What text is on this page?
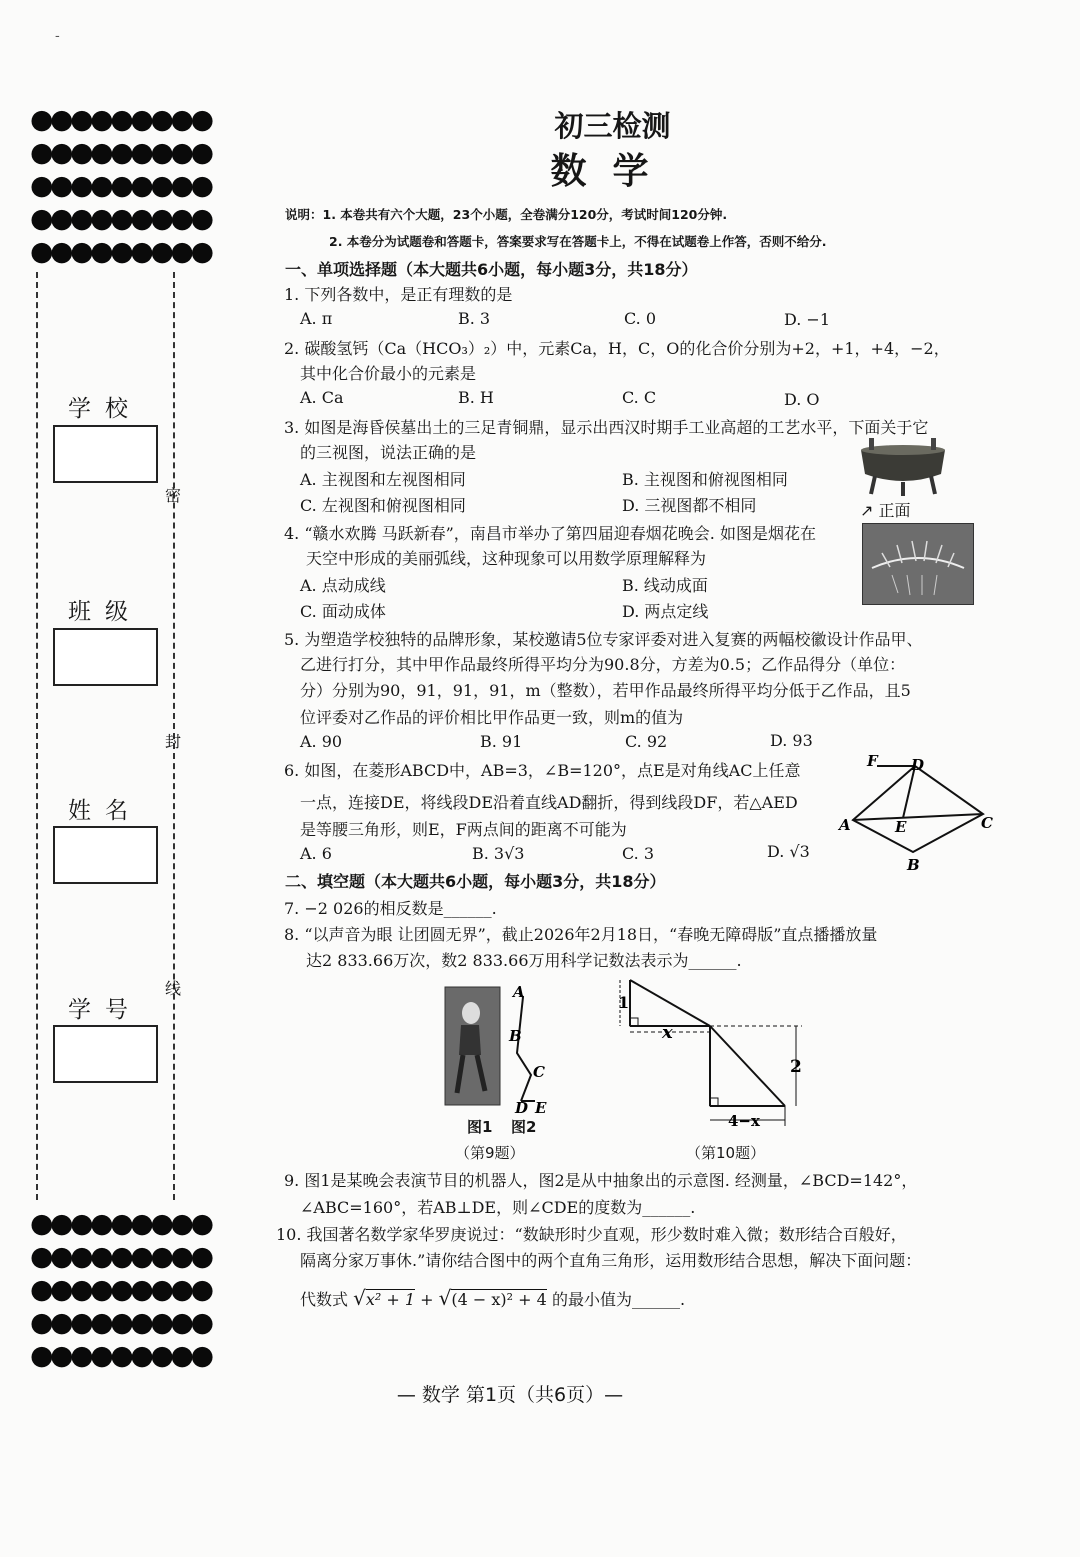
-
●●●●●●●●●
●●●●●●●●●
●●●●●●●●●
●●●●●●●●●
●●●●●●●●●
●●●●●●●●●
●●●●●●●●●
●●●●●●●●●
●●●●●●●●●
●●●●●●●●●
学校
班级
姓名
学号
密
封
线
初三检测
数学
说明：1. 本卷共有六个大题，23个小题，全卷满分120分，考试时间120分钟.
2. 本卷分为试题卷和答题卡，答案要求写在答题卡上，不得在试题卷上作答，否则不给分.
一、单项选择题（本大题共6小题，每小题3分，共18分）
1. 下列各数中，是正有理数的是
A. π	B. 3	C. 0	D. −1
2. 碳酸氢钙（Ca（HCO₃）₂）中，元素Ca，H，C，O的化合价分别为+2，+1，+4，−2，
其中化合价最小的元素是
A. Ca	B. H	C. C	D. O
3. 如图是海昏侯墓出土的三足青铜鼎，显示出西汉时期手工业高超的工艺水平，下面关于它
的三视图，说法正确的是
A. 主视图和左视图相同	B. 主视图和俯视图相同
C. 左视图和俯视图相同	D. 三视图都不相同	↗ 正面
4. “赣水欢腾 马跃新春”，南昌市举办了第四届迎春烟花晚会. 如图是烟花在
天空中形成的美丽弧线，这种现象可以用数学原理解释为
A. 点动成线	B. 线动成面
C. 面动成体	D. 两点定线
5. 为塑造学校独特的品牌形象，某校邀请5位专家评委对进入复赛的两幅校徽设计作品甲、
乙进行打分，其中甲作品最终所得平均分为90.8分，方差为0.5；乙作品得分（单位：
分）分别为90，91，91，91，m（整数），若甲作品最终所得平均分低于乙作品，且5
位评委对乙作品的评价相比甲作品更一致，则m的值为
A. 90	B. 91	C. 92	D. 93
6. 如图，在菱形ABCD中，AB=3，∠B=120°，点E是对角线AC上任意
一点，连接DE，将线段DE沿着直线AD翻折，得到线段DF，若△AED
是等腰三角形，则E，F两点间的距离不可能为
A. 6	B. 3√3	C. 3	D. √3
F D
A	E	C
B
二、填空题（本大题共6小题，每小题3分，共18分）
7. −2 026的相反数是______.
8. “以声音为眼 让团圆无界”，截止2026年2月18日，“春晚无障碍版”直点播播放量
达2 833.66万次，数2 833.66万用科学记数法表示为______.
A
B
C
D E
图1 图2
（第9题）
1
x
2
4−x
（第10题）
9. 图1是某晚会表演节目的机器人，图2是从中抽象出的示意图. 经测量，∠BCD=142°，
∠ABC=160°，若AB⊥DE，则∠CDE的度数为______.
10. 我国著名数学家华罗庚说过：“数缺形时少直观，形少数时难入微；数形结合百般好，
隔离分家万事休.”请你结合图中的两个直角三角形，运用数形结合思想，解决下面问题：
代数式 √x² + 1 + √(4 − x)² + 4 的最小值为______.
— 数学 第1页（共6页）—
